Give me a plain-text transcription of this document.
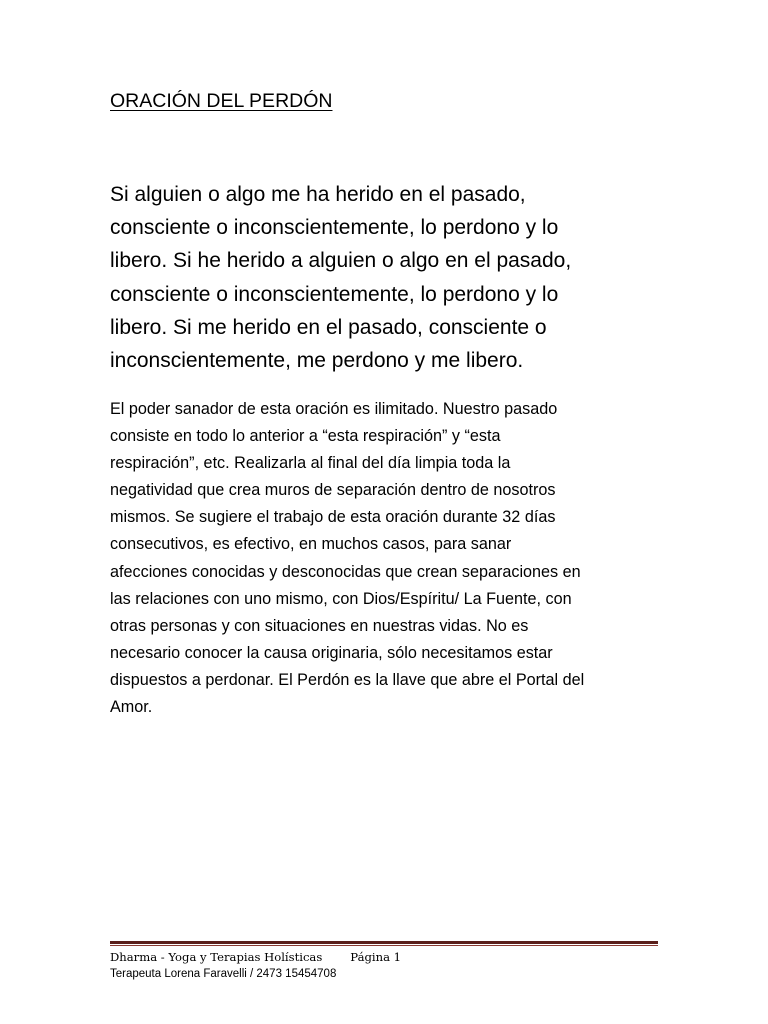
ORACIÓN DEL PERDÓN
Si alguien o algo me ha herido en el pasado,
consciente o inconscientemente, lo perdono y lo
libero. Si he herido a alguien o algo en el pasado,
consciente o inconscientemente, lo perdono y lo
libero. Si me herido en el pasado, consciente o
inconscientemente, me perdono y me libero.
El poder sanador de esta oración es ilimitado. Nuestro pasado
consiste en todo lo anterior a “esta respiración” y “esta
respiración”, etc. Realizarla al final del día limpia toda la
negatividad que crea muros de separación dentro de nosotros
mismos. Se sugiere el trabajo de esta oración durante 32 días
consecutivos, es efectivo, en muchos casos, para sanar
afecciones conocidas y desconocidas que crean separaciones en
las relaciones con uno mismo, con Dios/Espíritu/ La Fuente, con
otras personas y con situaciones en nuestras vidas. No es
necesario conocer la causa originaria, sólo necesitamos estar
dispuestos a perdonar. El Perdón es la llave que abre el Portal del
Amor.
Dharma - Yoga y Terapias Holísticas Página 1
Terapeuta Lorena Faravelli / 2473 15454708
